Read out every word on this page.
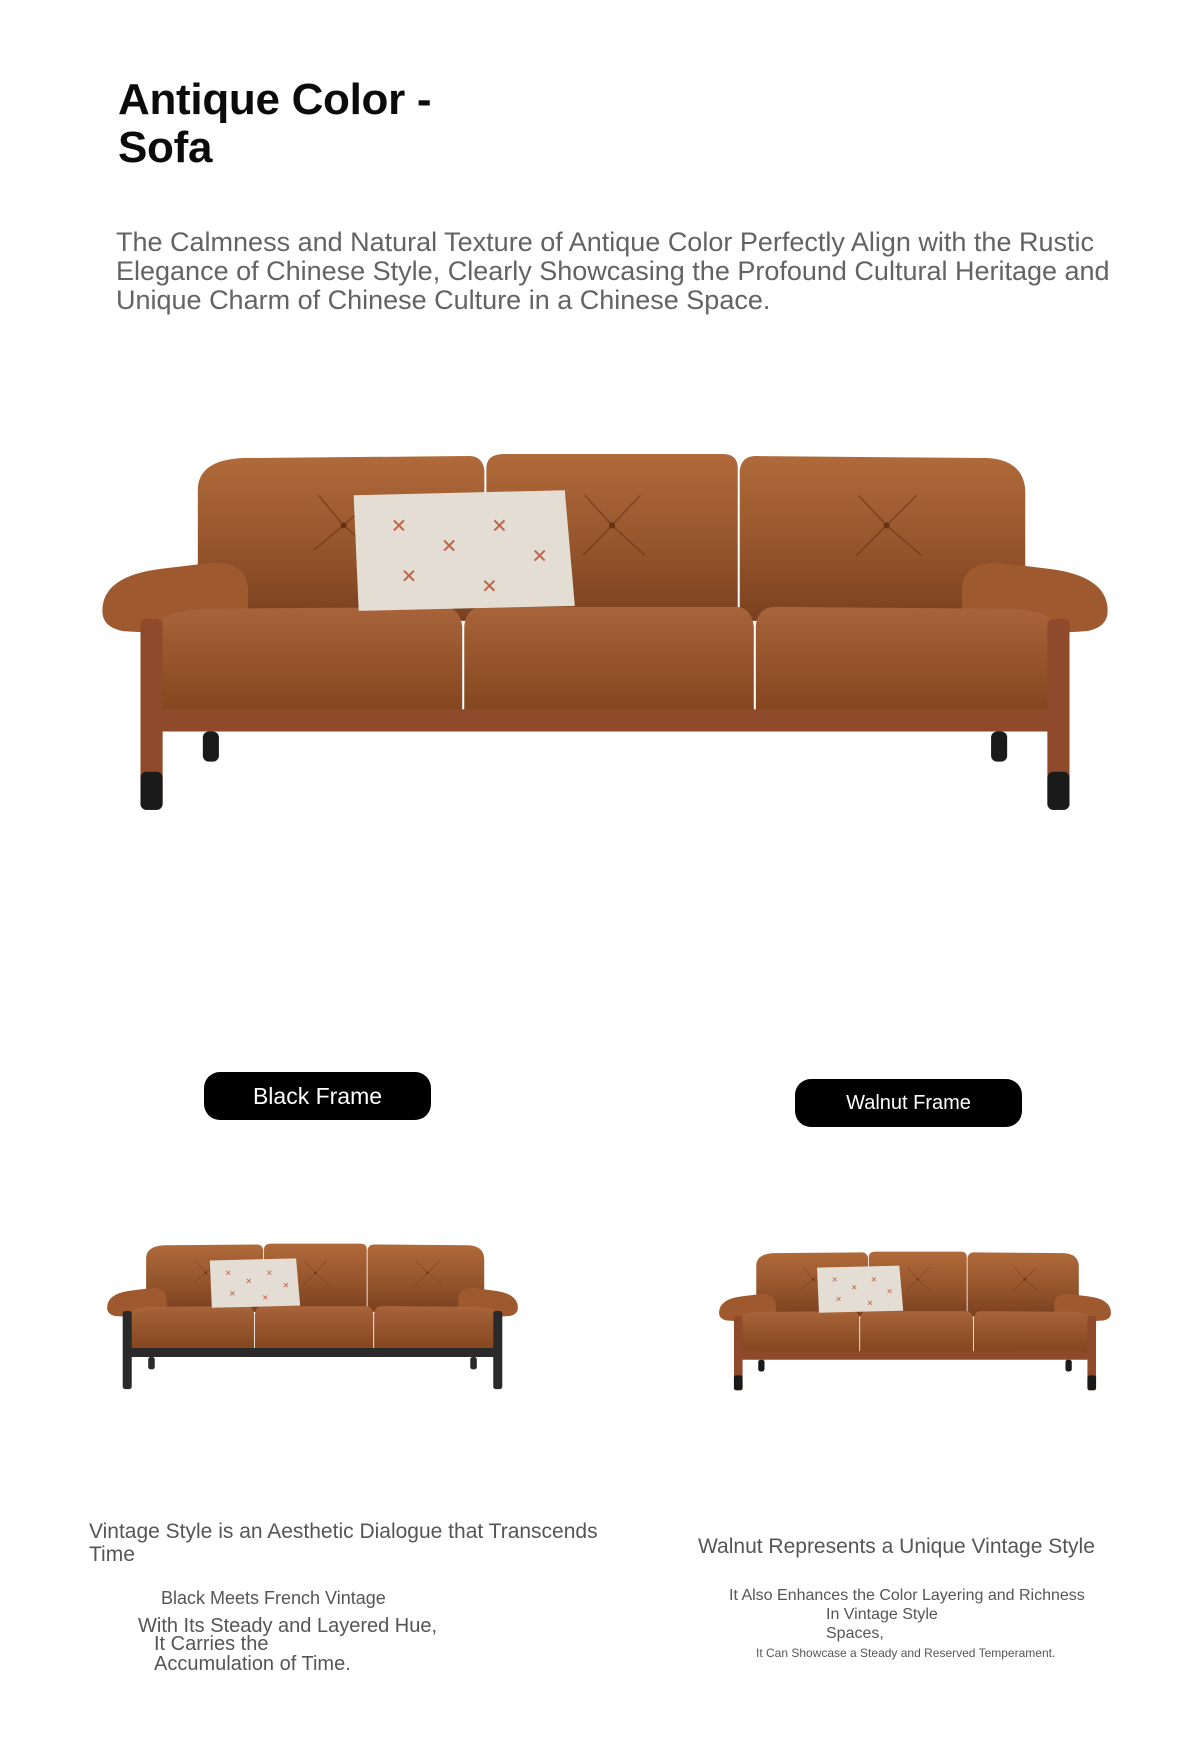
Antique Color -
Sofa

The Calmness and Natural Texture of Antique Color Perfectly Align with the Rustic Elegance of Chinese Style, Clearly Showcasing the Profound Cultural Heritage and Unique Charm of Chinese Culture in a Chinese Space.

Black Frame	Walnut Frame

Vintage Style is an Aesthetic Dialogue that Transcends Time

Black Meets French Vintage

With Its Steady and Layered Hue,

It Carries the

Accumulation of Time.

Walnut Represents a Unique Vintage Style

It Also Enhances the Color Layering and Richness

In Vintage Style

Spaces,

It Can Showcase a Steady and Reserved Temperament.
